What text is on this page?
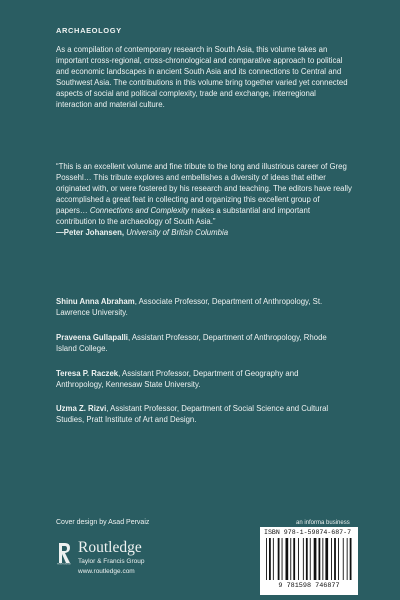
ARCHAEOLOGY
As a compilation of contemporary research in South Asia, this volume takes an important cross-regional, cross-chronological and comparative approach to political and economic landscapes in ancient South Asia and its connections to Central and Southwest Asia. The contributions in this volume bring together varied yet connected aspects of social and political complexity, trade and exchange, interregional interaction and material culture.
“This is an excellent volume and fine tribute to the long and illustrious career of Greg Possehl… This tribute explores and embellishes a diversity of ideas that either originated with, or were fostered by his research and teaching. The editors have really accomplished a great feat in collecting and organizing this excellent group of papers… Connections and Complexity makes a substantial and important contribution to the archaeology of South Asia.”
—Peter Johansen, University of British Columbia
Shinu Anna Abraham, Associate Professor, Department of Anthropology, St. Lawrence University.
Praveena Gullapalli, Assistant Professor, Department of Anthropology, Rhode Island College.
Teresa P. Raczek, Assistant Professor, Department of Geography and Anthropology, Kennesaw State University.
Uzma Z. Rizvi, Assistant Professor, Department of Social Science and Cultural Studies, Pratt Institute of Art and Design.
Cover design by Asad Pervaiz
ROUTLEDGE
Routledge
Taylor & Francis Group
www.routledge.com
an informa business
ISBN 978-1-59874-687-7
9 781598 746877
